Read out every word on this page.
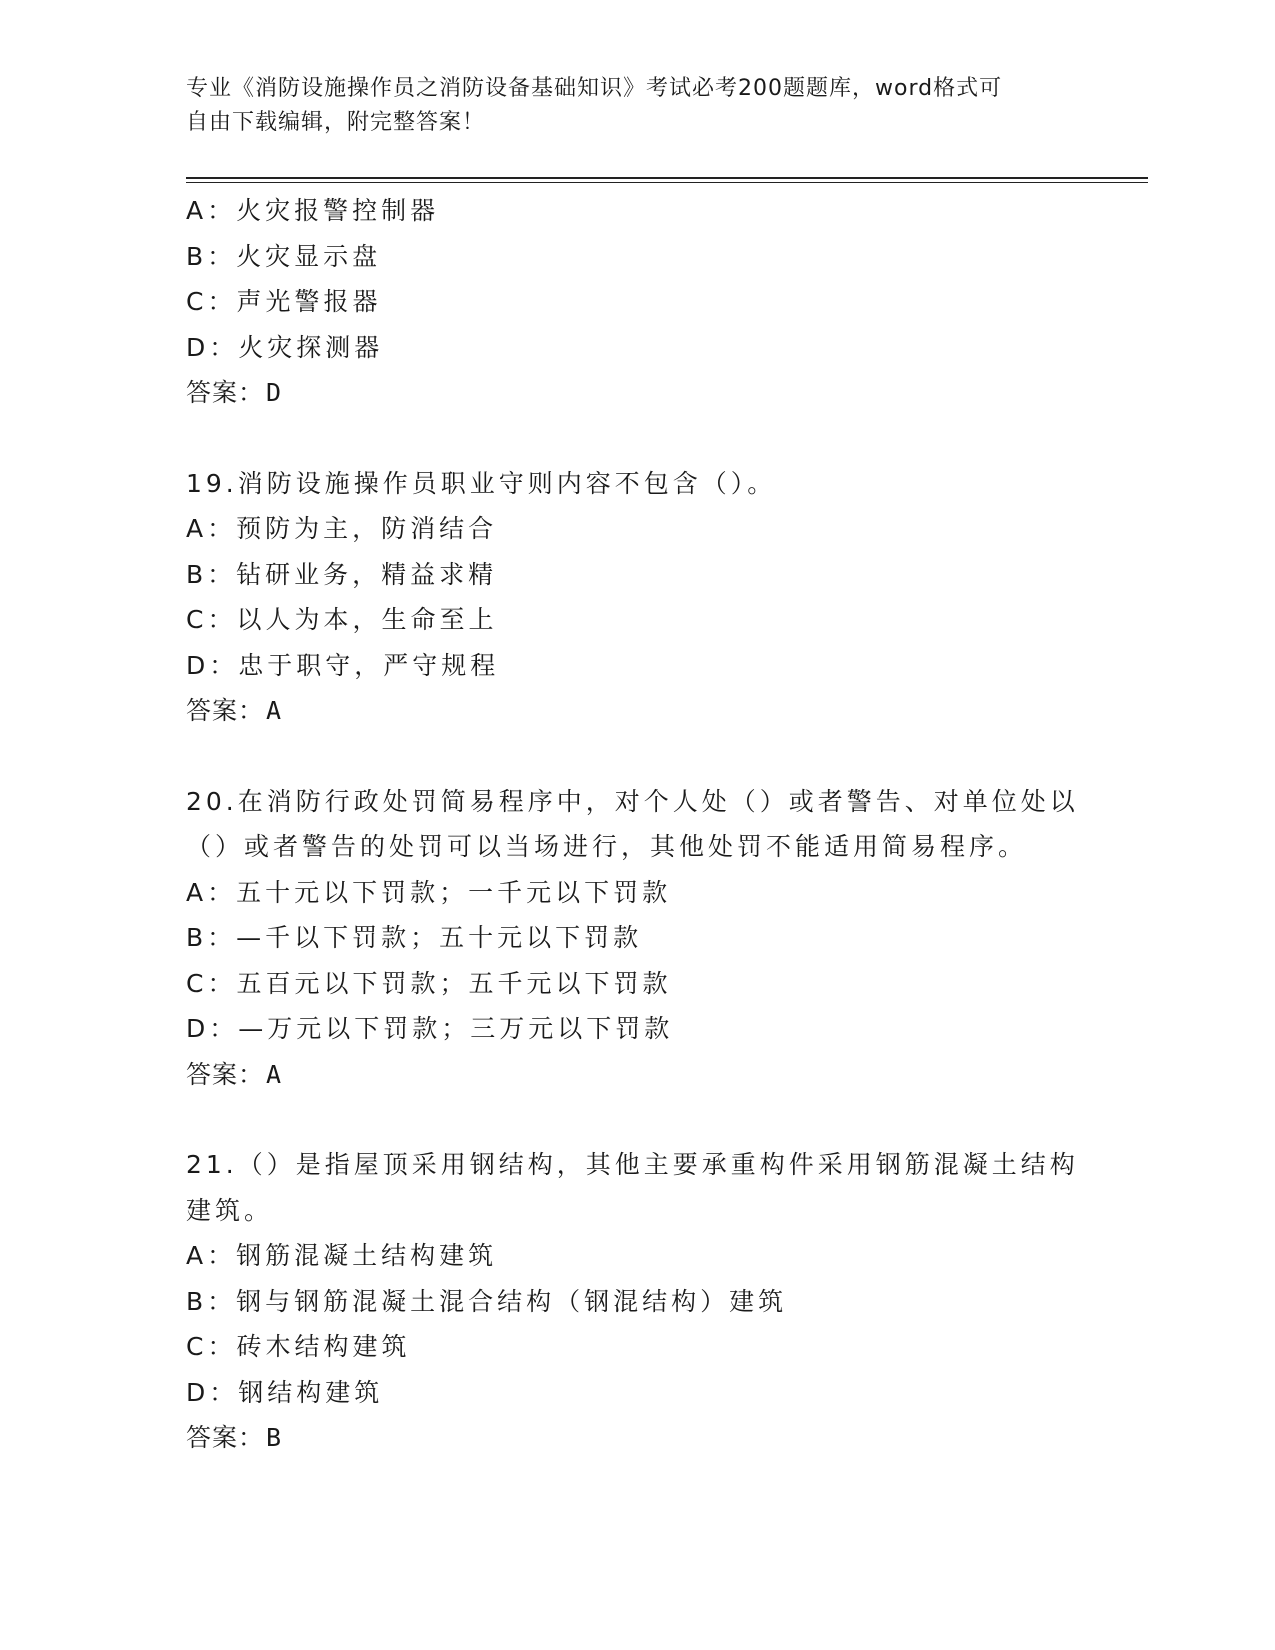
专业《消防设施操作员之消防设备基础知识》考试必考200题题库，word格式可
自由下载编辑，附完整答案！
A：火灾报警控制器
B：火灾显示盘
C：声光警报器
D：火灾探测器
答案：D
19.消防设施操作员职业守则内容不包含（）。
A：预防为主，防消结合
B：钻研业务，精益求精
C：以人为本，生命至上
D：忠于职守，严守规程
答案：A
20.在消防行政处罚简易程序中，对个人处（）或者警告、对单位处以
（）或者警告的处罚可以当场进行，其他处罚不能适用简易程序。
A：五十元以下罚款；一千元以下罚款
B：—千以下罚款；五十元以下罚款
C：五百元以下罚款；五千元以下罚款
D：—万元以下罚款；三万元以下罚款
答案：A
21.（）是指屋顶采用钢结构，其他主要承重构件采用钢筋混凝土结构
建筑。
A：钢筋混凝土结构建筑
B：钢与钢筋混凝土混合结构（钢混结构）建筑
C：砖木结构建筑
D：钢结构建筑
答案：B
